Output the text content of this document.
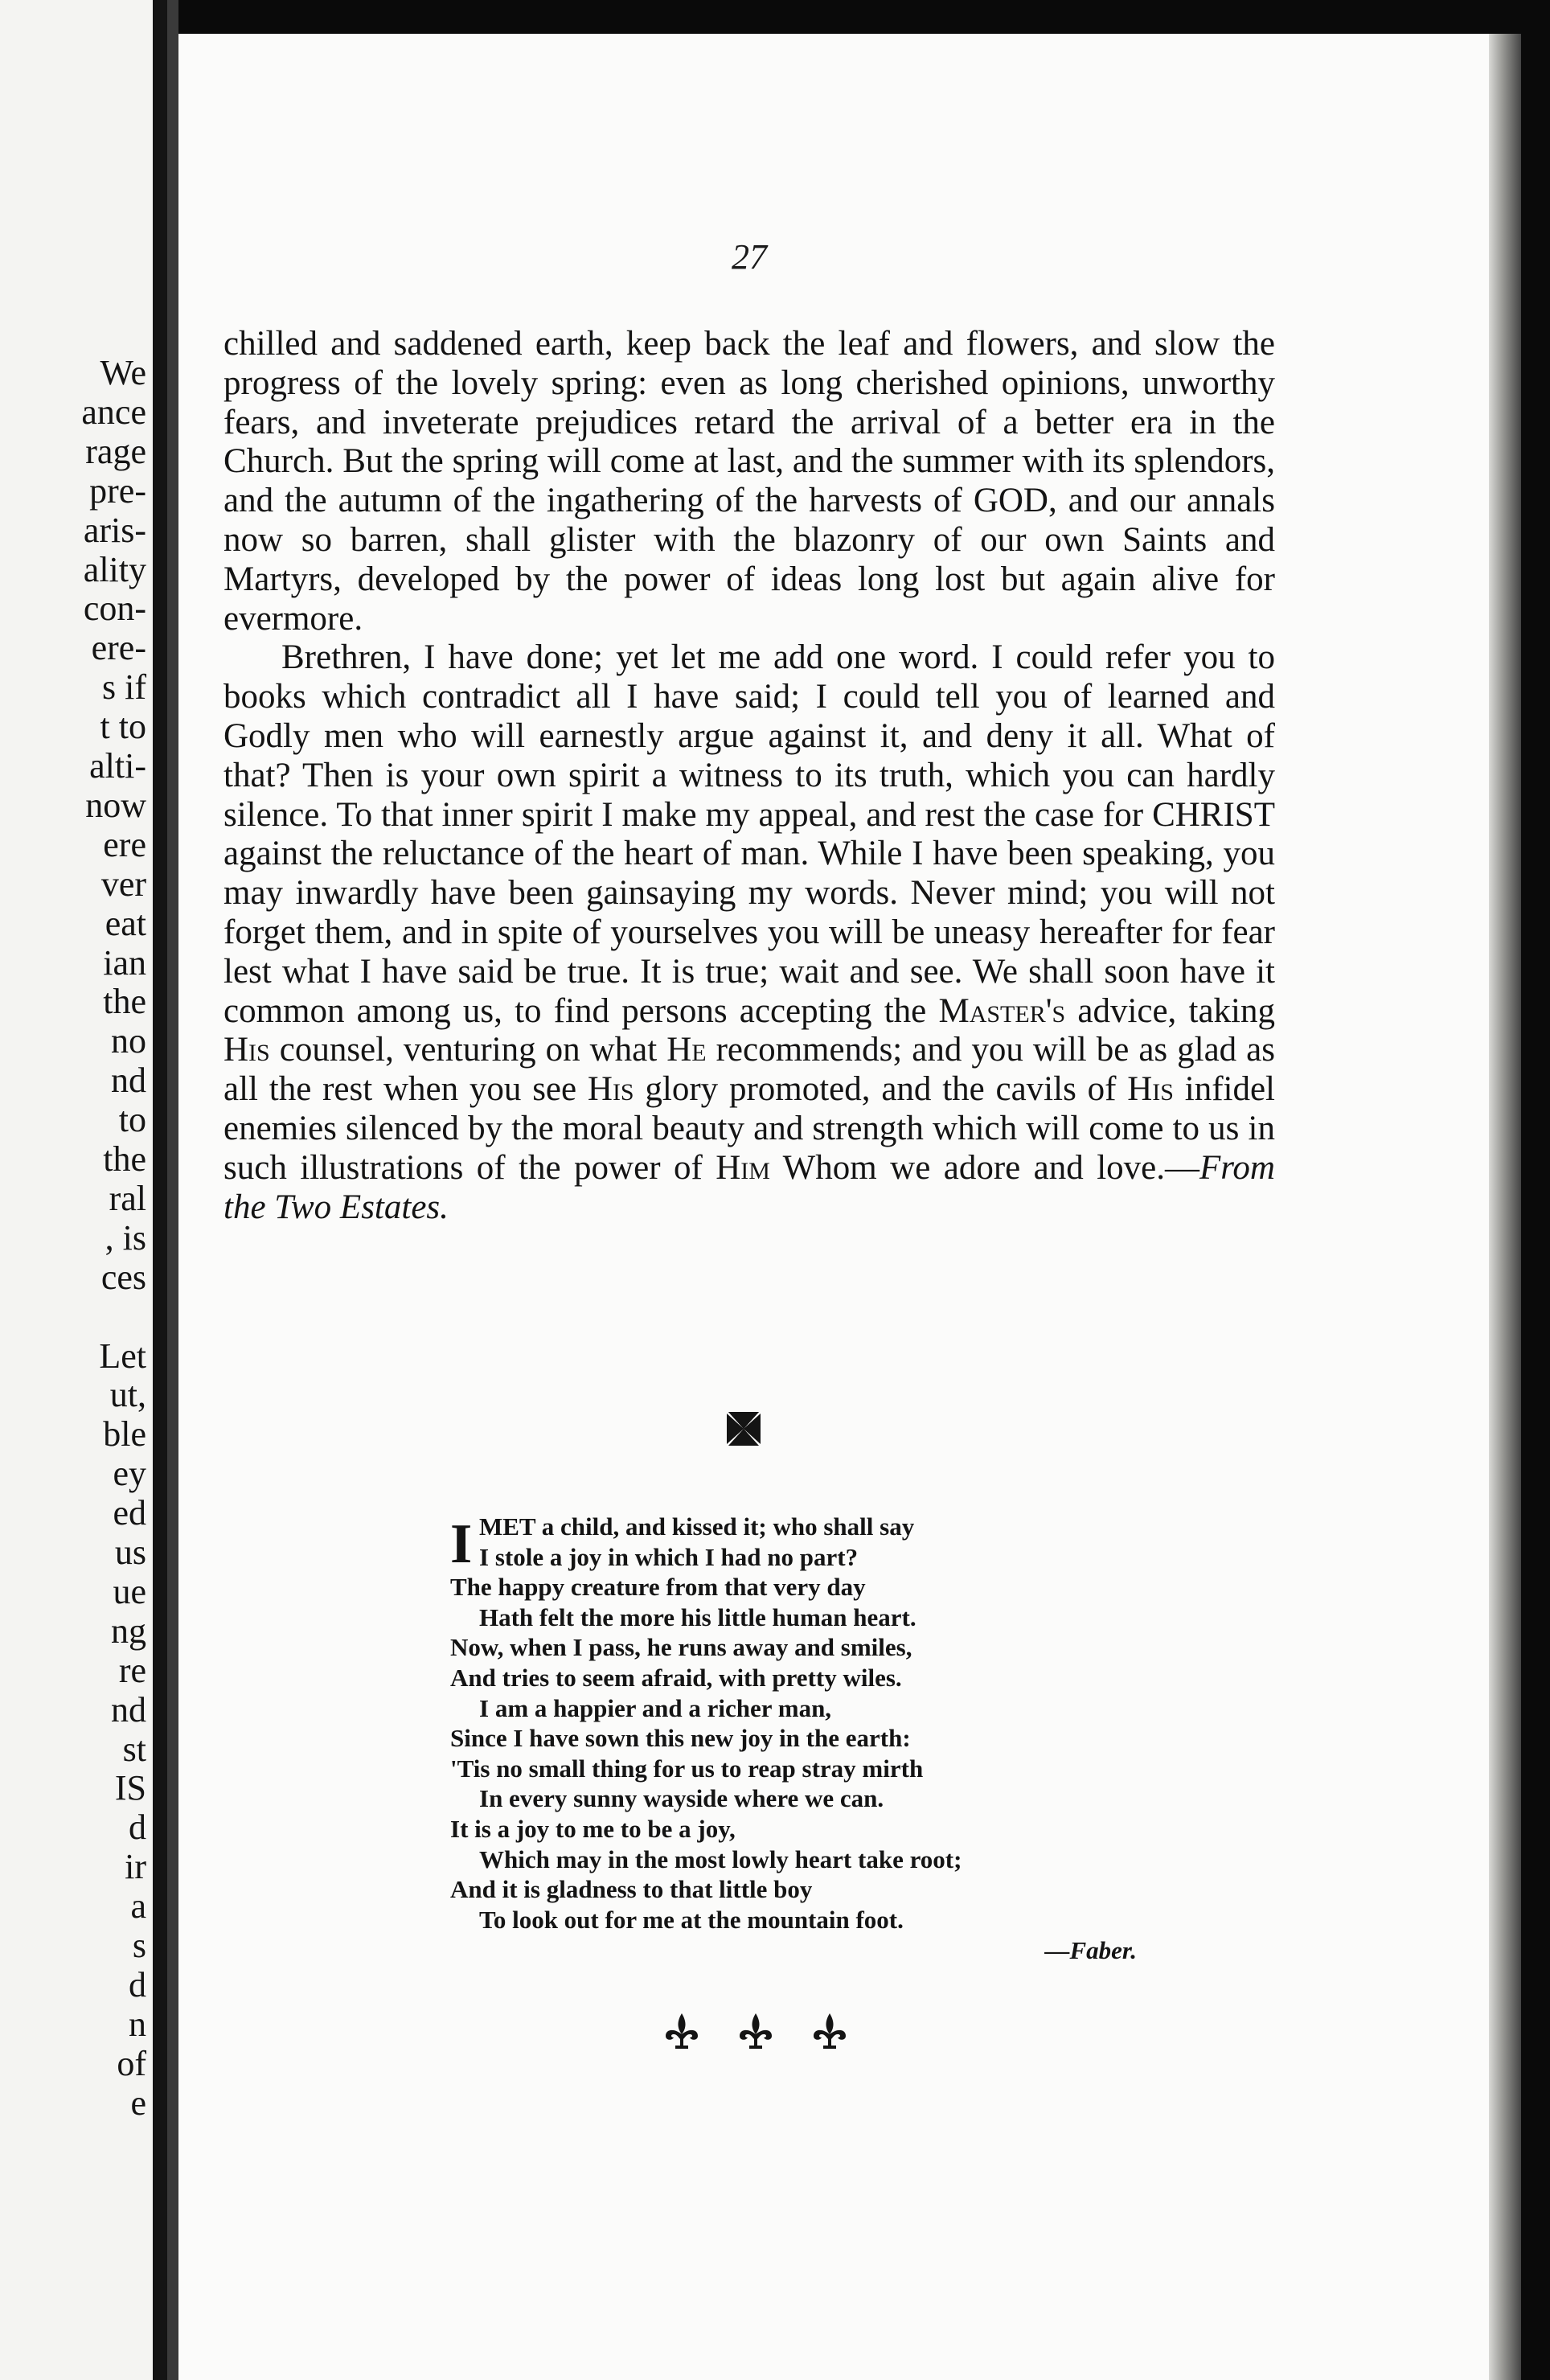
We
ance
rage
pre-
aris-
ality
con-
ere-
s if
t to
alti-
now
ere
ver
eat
ian
the
no
nd
to
the
ral
, is
ces
Let
ut,
ble
ey
ed
us
ue
ng
re
nd
st
IS
d
ir
a
s
d
n
of
e
27

chilled and saddened earth, keep back the leaf and flowers, and slow the progress of the lovely spring: even as long cherished opinions, unworthy fears, and inveterate prejudices retard the arrival of a better era in the Church. But the spring will come at last, and the summer with its splendors, and the autumn of the ingathering of the harvests of GOD, and our annals now so barren, shall glister with the blazonry of our own Saints and Martyrs, developed by the power of ideas long lost but again alive for evermore.

Brethren, I have done; yet let me add one word. I could refer you to books which contradict all I have said; I could tell you of learned and Godly men who will earnestly argue against it, and deny it all. What of that? Then is your own spirit a witness to its truth, which you can hardly silence. To that inner spirit I make my appeal, and rest the case for CHRIST against the reluctance of the heart of man. While I have been speaking, you may inwardly have been gainsaying my words. Never mind; you will not forget them, and in spite of yourselves you will be uneasy hereafter for fear lest what I have said be true. It is true; wait and see. We shall soon have it common among us, to find persons accepting the Master's advice, taking His counsel, venturing on what He recommends; and you will be as glad as all the rest when you see His glory promoted, and the cavils of His infidel enemies silenced by the moral beauty and strength which will come to us in such illustrations of the power of Him Whom we adore and love.—From the Two Estates.

I MET a child, and kissed it; who shall say
I stole a joy in which I had no part?
The happy creature from that very day
Hath felt the more his little human heart.
Now, when I pass, he runs away and smiles,
And tries to seem afraid, with pretty wiles.
I am a happier and a richer man,
Since I have sown this new joy in the earth:
'Tis no small thing for us to reap stray mirth
In every sunny wayside where we can.
It is a joy to me to be a joy,
Which may in the most lowly heart take root;
And it is gladness to that little boy
To look out for me at the mountain foot.
—Faber.
